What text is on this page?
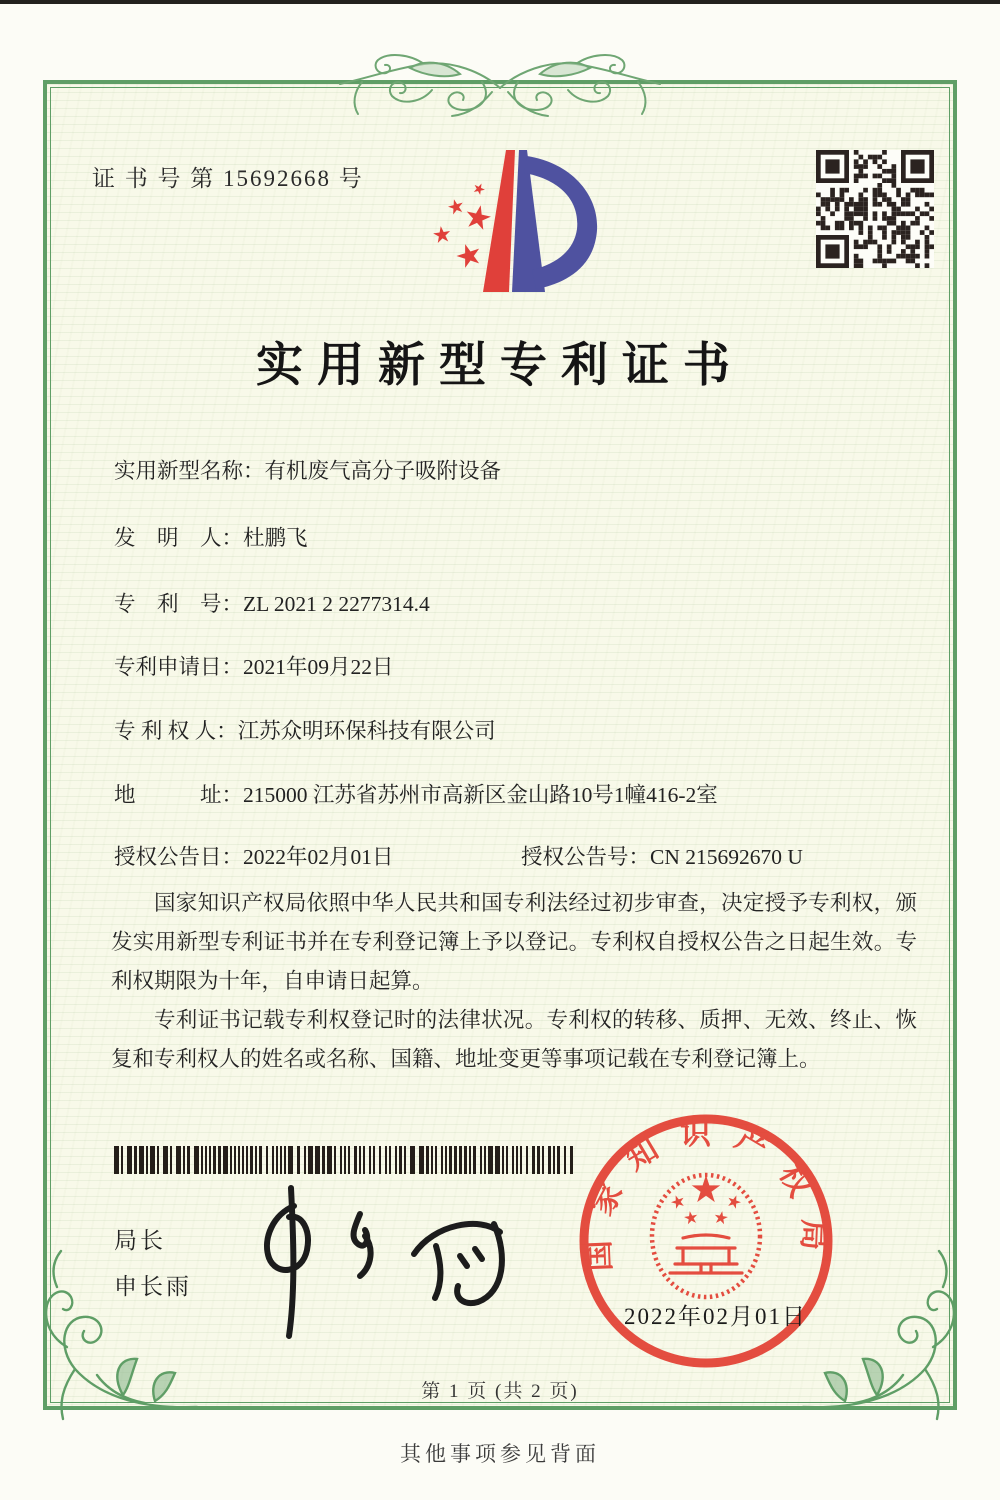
证 书 号 第 15692668 号
实用新型专利证书
实用新型名称：有机废气高分子吸附设备
发　明　人：杜鹏飞
专　利　号：ZL 2021 2 2277314.4
专利申请日：2021年09月22日
专 利 权 人：江苏众明环保科技有限公司
地　　　址：215000 江苏省苏州市高新区金山路10号1幢416-2室
授权公告日：2022年02月01日	授权公告号：CN 215692670 U

国家知识产权局依照中华人民共和国专利法经过初步审查，决定授予专利权，颁发实用新型专利证书并在专利登记簿上予以登记。专利权自授权公告之日起生效。专利权期限为十年，自申请日起算。

专利证书记载专利权登记时的法律状况。专利权的转移、质押、无效、终止、恢复和专利权人的姓名或名称、国籍、地址变更等事项记载在专利登记簿上。

局长
申长雨
国家知识产权局
2022年02月01日
第 1 页 (共 2 页)
其他事项参见背面
